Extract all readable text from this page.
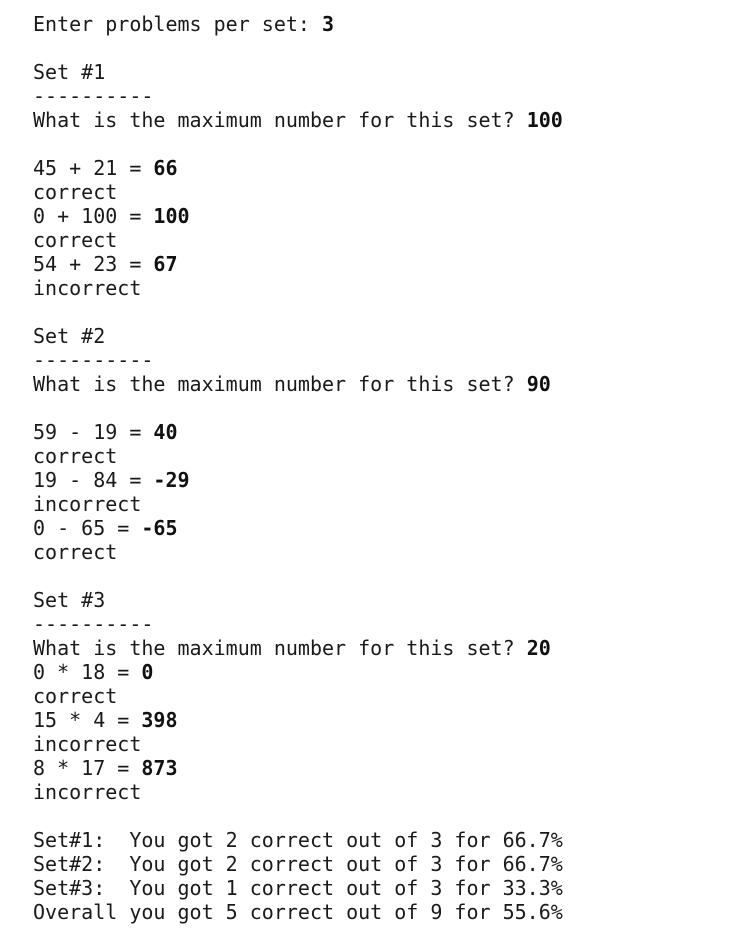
Enter problems per set: 3
Set #1
----------
What is the maximum number for this set? 100
45 + 21 = 66
correct
0 + 100 = 100
correct
54 + 23 = 67
incorrect
Set #2
----------
What is the maximum number for this set? 90
59 - 19 = 40
correct
19 - 84 = -29
incorrect
0 - 65 = -65
correct
Set #3
----------
What is the maximum number for this set? 20
0 * 18 = 0
correct
15 * 4 = 398
incorrect
8 * 17 = 873
incorrect
Set#1:  You got 2 correct out of 3 for 66.7%
Set#2:  You got 2 correct out of 3 for 66.7%
Set#3:  You got 1 correct out of 3 for 33.3%
Overall you got 5 correct out of 9 for 55.6%
